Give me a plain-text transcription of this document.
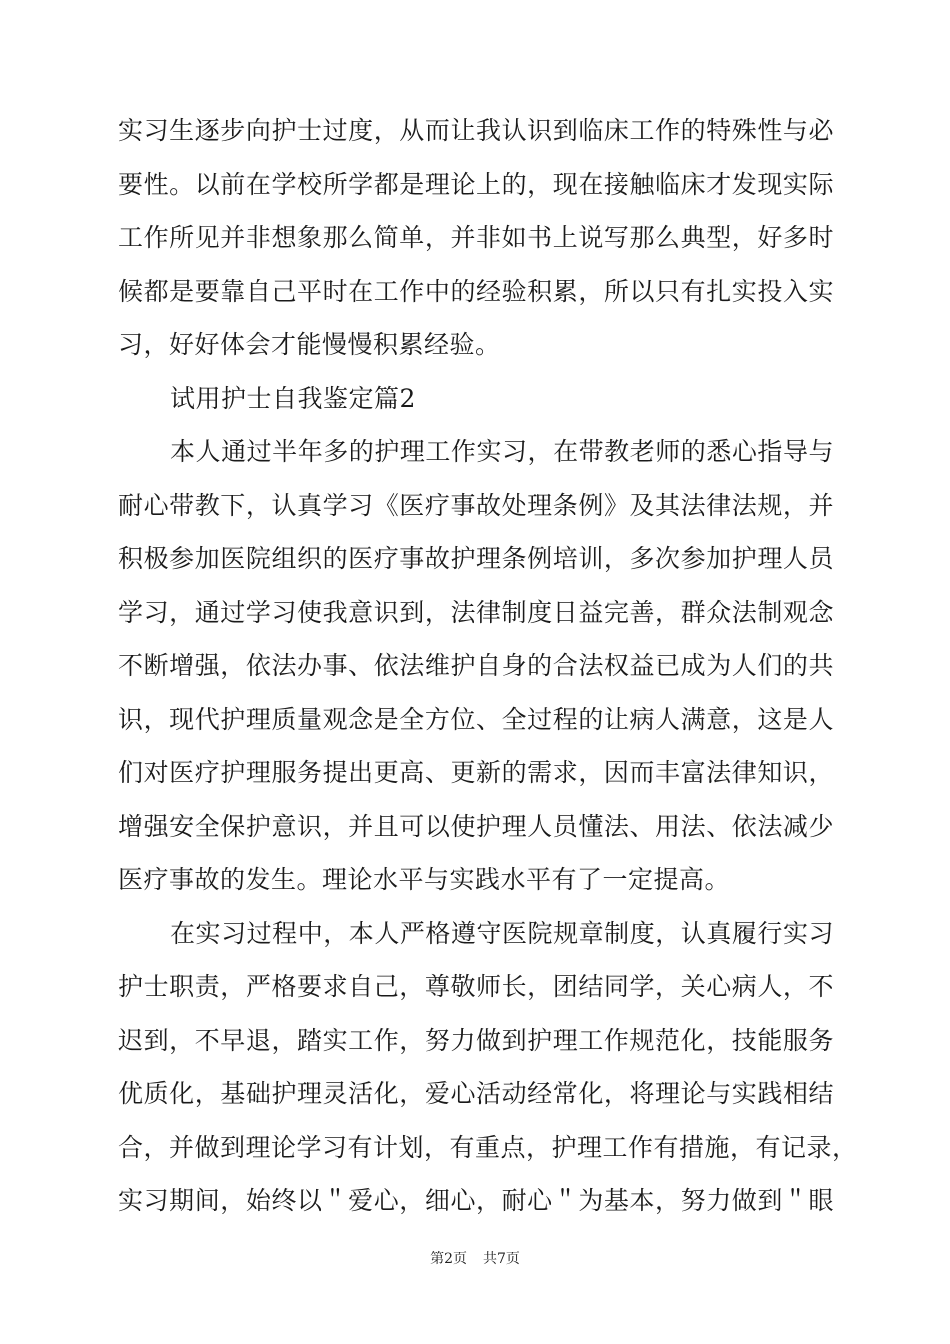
实习生逐步向护士过度，从而让我认识到临床工作的特殊性与必
要性。以前在学校所学都是理论上的，现在接触临床才发现实际
工作所见并非想象那么简单，并非如书上说写那么典型，好多时
候都是要靠自己平时在工作中的经验积累，所以只有扎实投入实
习，好好体会才能慢慢积累经验。
试用护士自我鉴定篇2
本人通过半年多的护理工作实习，在带教老师的悉心指导与
耐心带教下，认真学习《医疗事故处理条例》及其法律法规，并
积极参加医院组织的医疗事故护理条例培训，多次参加护理人员
学习，通过学习使我意识到，法律制度日益完善，群众法制观念
不断增强，依法办事、依法维护自身的合法权益已成为人们的共
识，现代护理质量观念是全方位、全过程的让病人满意，这是人
们对医疗护理服务提出更高、更新的需求，因而丰富法律知识，
增强安全保护意识，并且可以使护理人员懂法、用法、依法减少
医疗事故的发生。理论水平与实践水平有了一定提高。
在实习过程中，本人严格遵守医院规章制度，认真履行实习
护士职责，严格要求自己，尊敬师长，团结同学，关心病人，不
迟到，不早退，踏实工作，努力做到护理工作规范化，技能服务
优质化，基础护理灵活化，爱心活动经常化，将理论与实践相结
合，并做到理论学习有计划，有重点，护理工作有措施，有记录，
实习期间，始终以＂爱心，细心，耐心＂为基本，努力做到＂眼
第2页 共7页
